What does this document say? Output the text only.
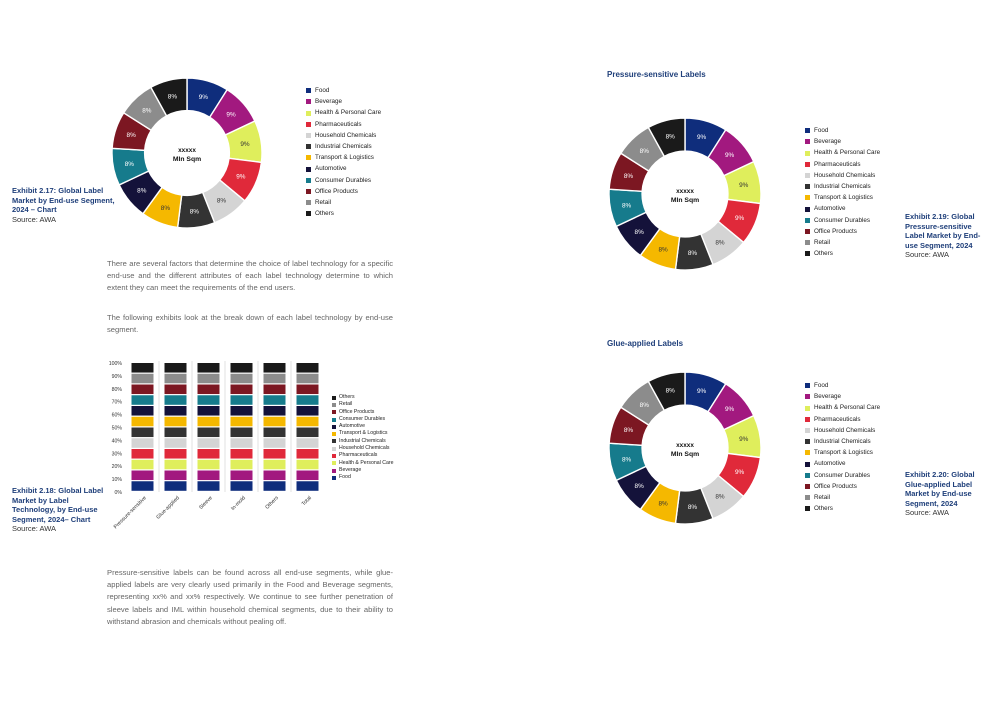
9%
9%
9%
9%
8%
8%
8%
8%
8%
8%
8%
8%
xxxxx
Mln Sqm
Food
Beverage
Health & Personal Care
Pharmaceuticals
Household Chemicals
Industrial Chemicals
Transport & Logistics
Automotive
Consumer Durables
Office Products
Retail
Others
Exhibit 2.17: Global Label Market by End-use Segment, 2024 – Chart
Source: AWA
There are several factors that determine the choice of label technology for a specific end-use and the different attributes of each label technology determine to which extent they can meet the requirements of the end users.
The following exhibits look at the break down of each label technology by end-use segment.
0%
10%
20%
30%
40%
50%
60%
70%
80%
90%
100%
Pressure-sensitive Glue-applied	Sleeve	In-mold	Others	Total
Others
Retail
Office Products
Consumer Durables
Automotive
Transport & Logistics
Industrial Chemicals
Household Chemicals
Pharmaceuticals
Health & Personal Care
Beverage
Food
Exhibit 2.18: Global Label Market by Label Technology, by End-use Segment, 2024– Chart
Source: AWA
Pressure-sensitive labels can be found across all end-use segments, while glue-applied labels are very clearly used primarily in the Food and Beverage segments, representing xx% and xx% respectively. We continue to see further penetration of sleeve labels and IML within household chemical segments, due to their ability to withstand abrasion and chemicals without pealing off.
Pressure-sensitive Labels
9%
9%
9%
9%
8%
8%
8%
8%
8%
8%
8%
8%
xxxxx
Mln Sqm
Food
Beverage
Health & Personal Care
Pharmaceuticals
Household Chemicals
Industrial Chemicals
Transport & Logistics
Automotive
Consumer Durables
Office Products
Retail
Others
Exhibit 2.19: Global Pressure-sensitive Label Market by End-use Segment, 2024
Source: AWA
Glue-applied Labels
9%
9%
9%
9%
8%
8%
8%
8%
8%
8%
8%
8%
xxxxx
Mln Sqm
Food
Beverage
Health & Personal Care
Pharmaceuticals
Household Chemicals
Industrial Chemicals
Transport & Logistics
Automotive
Consumer Durables
Office Products
Retail
Others
Exhibit 2.20: Global Glue-applied Label Market by End-use Segment, 2024
Source: AWA
